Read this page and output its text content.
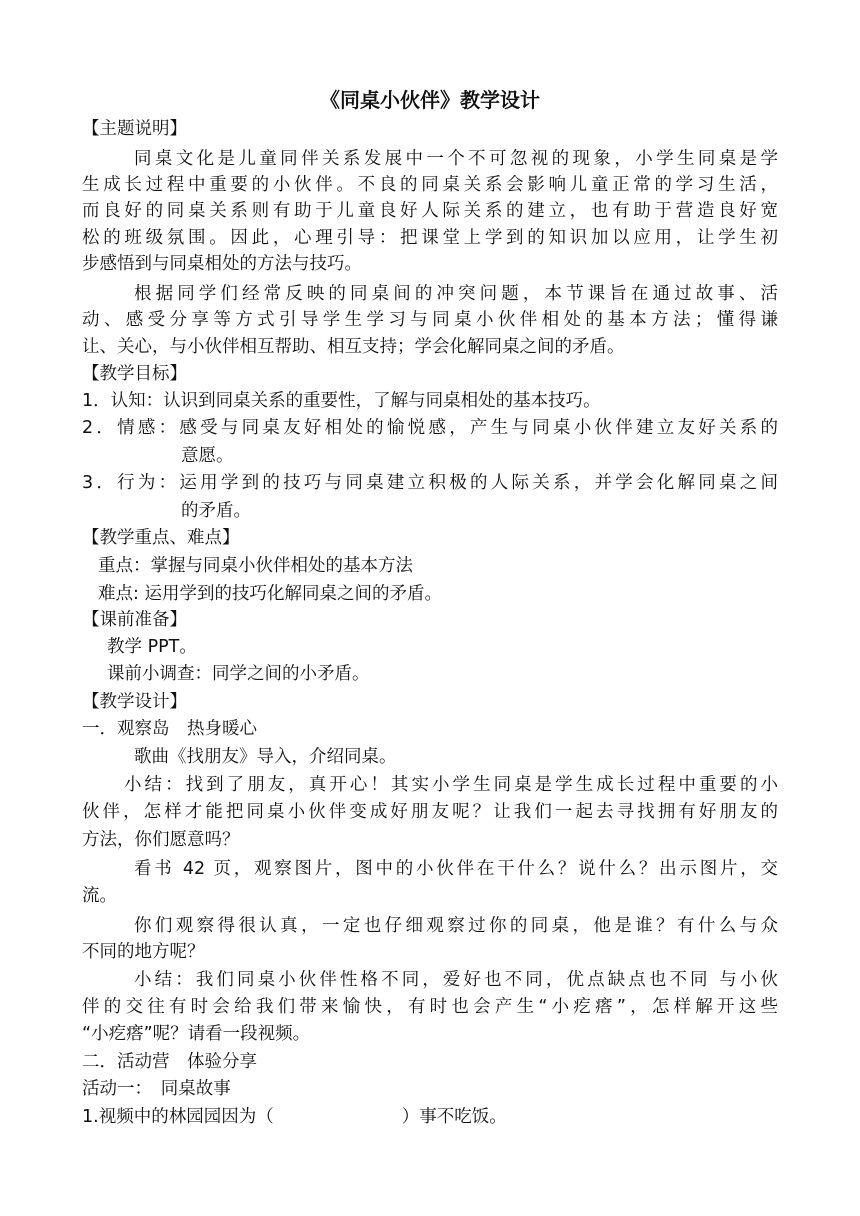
《同桌小伙伴》教学设计
【主题说明】
同桌文化是儿童同伴关系发展中一个不可忽视的现象，小学生同桌是学
生成长过程中重要的小伙伴。不良的同桌关系会影响儿童正常的学习生活，
而良好的同桌关系则有助于儿童良好人际关系的建立，也有助于营造良好宽
松的班级氛围。因此，心理引导：把课堂上学到的知识加以应用，让学生初
步感悟到与同桌相处的方法与技巧。
根据同学们经常反映的同桌间的冲突问题，本节课旨在通过故事、活
动、感受分享等方式引导学生学习与同桌小伙伴相处的基本方法；懂得谦
让、关心，与小伙伴相互帮助、相互支持；学会化解同桌之间的矛盾。
【教学目标】
1．认知：认识到同桌关系的重要性，了解与同桌相处的基本技巧。
2．情感：感受与同桌友好相处的愉悦感，产生与同桌小伙伴建立友好关系的
意愿。
3．行为：运用学到的技巧与同桌建立积极的人际关系，并学会化解同桌之间
的矛盾。
【教学重点、难点】
重点：掌握与同桌小伙伴相处的基本方法
难点: 运用学到的技巧化解同桌之间的矛盾。
【课前准备】
教学 PPT。
课前小调查：同学之间的小矛盾。
【教学设计】
一．观察岛　热身暖心
歌曲《找朋友》导入，介绍同桌。
小结：找到了朋友，真开心！其实小学生同桌是学生成长过程中重要的小
伙伴，怎样才能把同桌小伙伴变成好朋友呢？让我们一起去寻找拥有好朋友的
方法，你们愿意吗？
看书 42 页，观察图片，图中的小伙伴在干什么？说什么？出示图片，交
流。
你们观察得很认真，一定也仔细观察过你的同桌，他是谁？有什么与众
不同的地方呢？
小结：我们同桌小伙伴性格不同，爱好也不同，优点缺点也不同 与小伙
伴的交往有时会给我们带来愉快，有时也会产生“小疙瘩”，怎样解开这些
“小疙瘩”呢？请看一段视频。
二．活动营　体验分享
活动一：　同桌故事
1.视频中的林园园因为（	）事不吃饭。
